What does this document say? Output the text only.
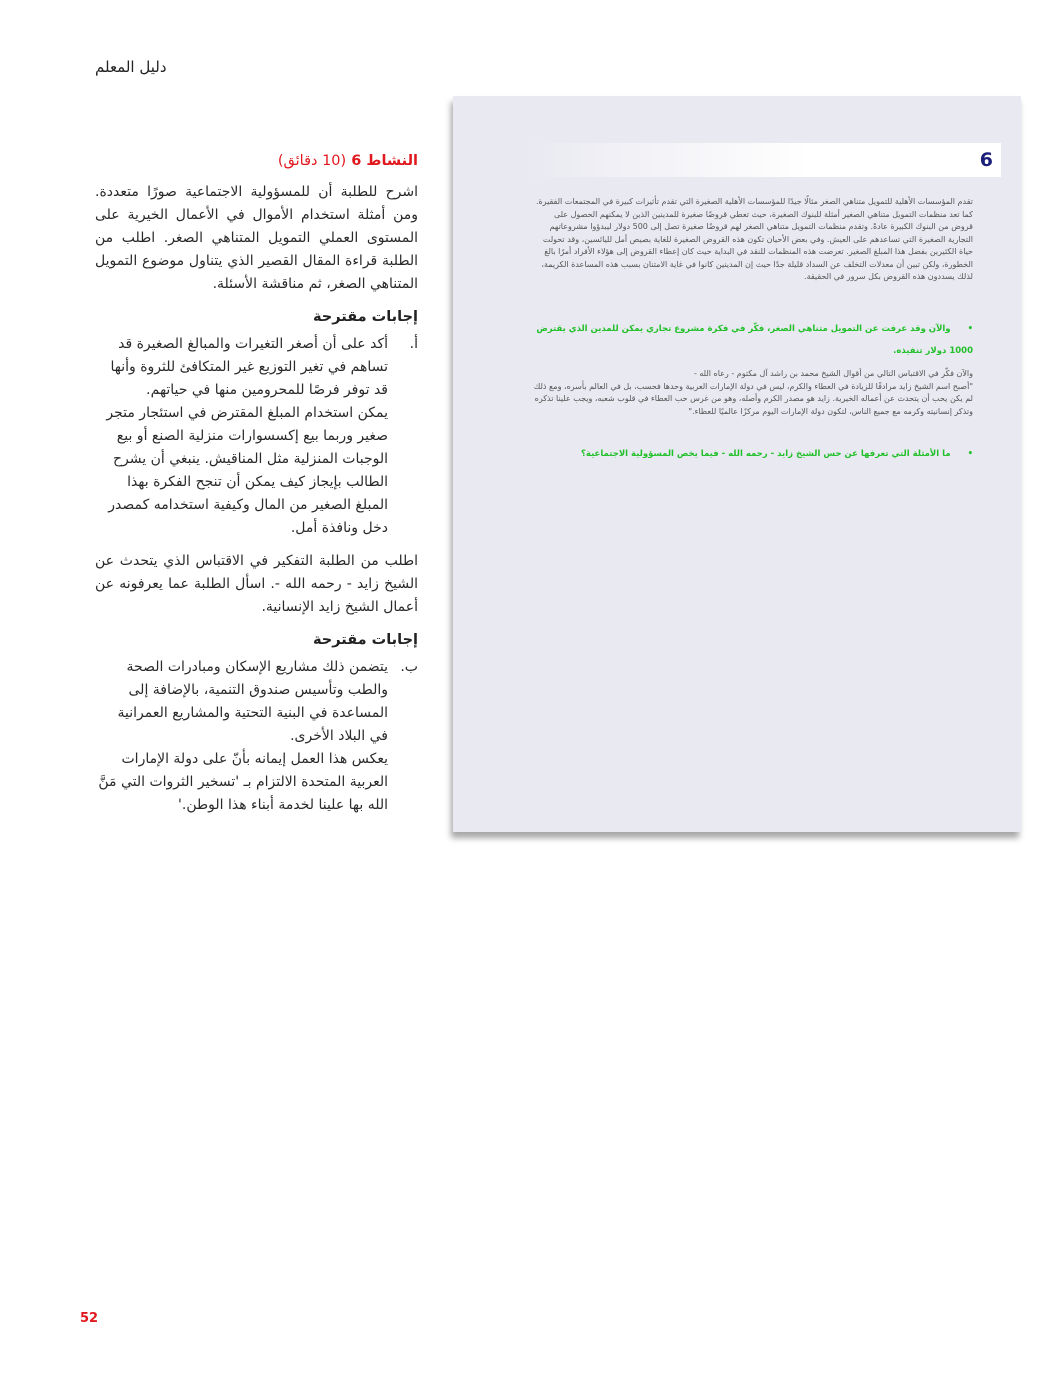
دليل المعلم
النشاط 6 (10 دقائق)

اشرح للطلبة أن للمسؤولية الاجتماعية صورًا متعددة. ومن أمثلة استخدام الأموال في الأعمال الخيرية على المستوى العملي التمويل المتناهي الصغر. اطلب من الطلبة قراءة المقال القصير الذي يتناول موضوع التمويل المتناهي الصغر، ثم مناقشة الأسئلة.

إجابات مقترحة
أ.

أكد على أن أصغر التغيرات والمبالغ الصغيرة قد تساهم في تغير التوزيع غير المتكافئ للثروة وأنها قد توفر فرصًا للمحرومين منها في حياتهم.

يمكن استخدام المبلغ المقترض في استئجار متجر صغير وربما بيع إكسسوارات منزلية الصنع أو بيع الوجبات المنزلية مثل المناقيش. ينبغي أن يشرح الطالب بإيجاز كيف يمكن أن تنجح الفكرة بهذا المبلغ الصغير من المال وكيفية استخدامه كمصدر دخل ونافذة أمل.

اطلب من الطلبة التفكير في الاقتباس الذي يتحدث عن الشيخ زايد - رحمه الله -. اسأل الطلبة عما يعرفونه عن أعمال الشيخ زايد الإنسانية.

إجابات مقترحة
ب.

يتضمن ذلك مشاريع الإسكان ومبادرات الصحة والطب وتأسيس صندوق التنمية، بالإضافة إلى المساعدة في البنية التحتية والمشاريع العمرانية في البلاد الأخرى.

يعكس هذا العمل إيمانه بأنّ على دولة الإمارات العربية المتحدة الالتزام بـ 'تسخير الثروات التي مَنَّ الله بها علينا لخدمة أبناء هذا الوطن.'

6
تقدم المؤسسات الأهلية للتمويل متناهي الصغر مثالًا جيدًا للمؤسسات الأهلية الصغيرة التي تقدم تأثيرات كبيرة في المجتمعات الفقيرة. كما تعد منظمات التمويل متناهي الصغير أمثلة للبنوك الصغيرة، حيث تعطي قروضًا صغيرة للمدينين الذين لا يمكنهم الحصول على قروض من البنوك الكبيرة عادةً. وتقدم منظمات التمويل متناهي الصغر لهم قروضًا صغيرة تصل إلى 500 دولار ليبدؤوا مشروعاتهم التجارية الصغيرة التي تساعدهم على العيش. وفي بعض الأحيان تكون هذه القروض الصغيرة للغاية بصيص أمل لليائسين، وقد تحولت حياة الكثيرين بفضل هذا المبلغ الصغير. تعرضت هذه المنظمات للنقد في البداية حيث كان إعطاء القروض إلى هؤلاء الأفراد أمرًا بالغ الخطورة، ولكن تبين أن معدلات التخلف عن السداد قليلة جدًا حيث إن المدينين كانوا في غاية الامتنان بسبب هذه المساعدة الكريمة، لذلك يسددون هذه القروض بكل سرور في الحقيقة.
• والآن وقد عرفت عن التمويل متناهي الصغر، فكّر في فكرة مشروع تجاري يمكن للمدين الذي يقترض 1000 دولار تنفيذه.
والآن فكّر في الاقتباس التالي من أقوال الشيخ محمد بن راشد آل مكتوم - رعاه الله -
"أصبح اسم الشيخ زايد مرادفًا للزيادة في العطاء والكرم، ليس في دولة الإمارات العربية وحدها فحسب، بل في العالم بأسره، ومع ذلك لم يكن يحب أن يتحدث عن أعماله الخيرية. زايد هو مصدر الكرم وأصله، وهو من غرس حب العطاء في قلوب شعبه، ويجب علينا تذكره وتذكر إنسانيته وكرمه مع جميع الناس، لتكون دولة الإمارات اليوم مركزًا عالميًا للعطاء."
• ما الأمثلة التي تعرفها عن حس الشيخ زايد - رحمه الله - فيما يخص المسؤولية الاجتماعية؟
52
